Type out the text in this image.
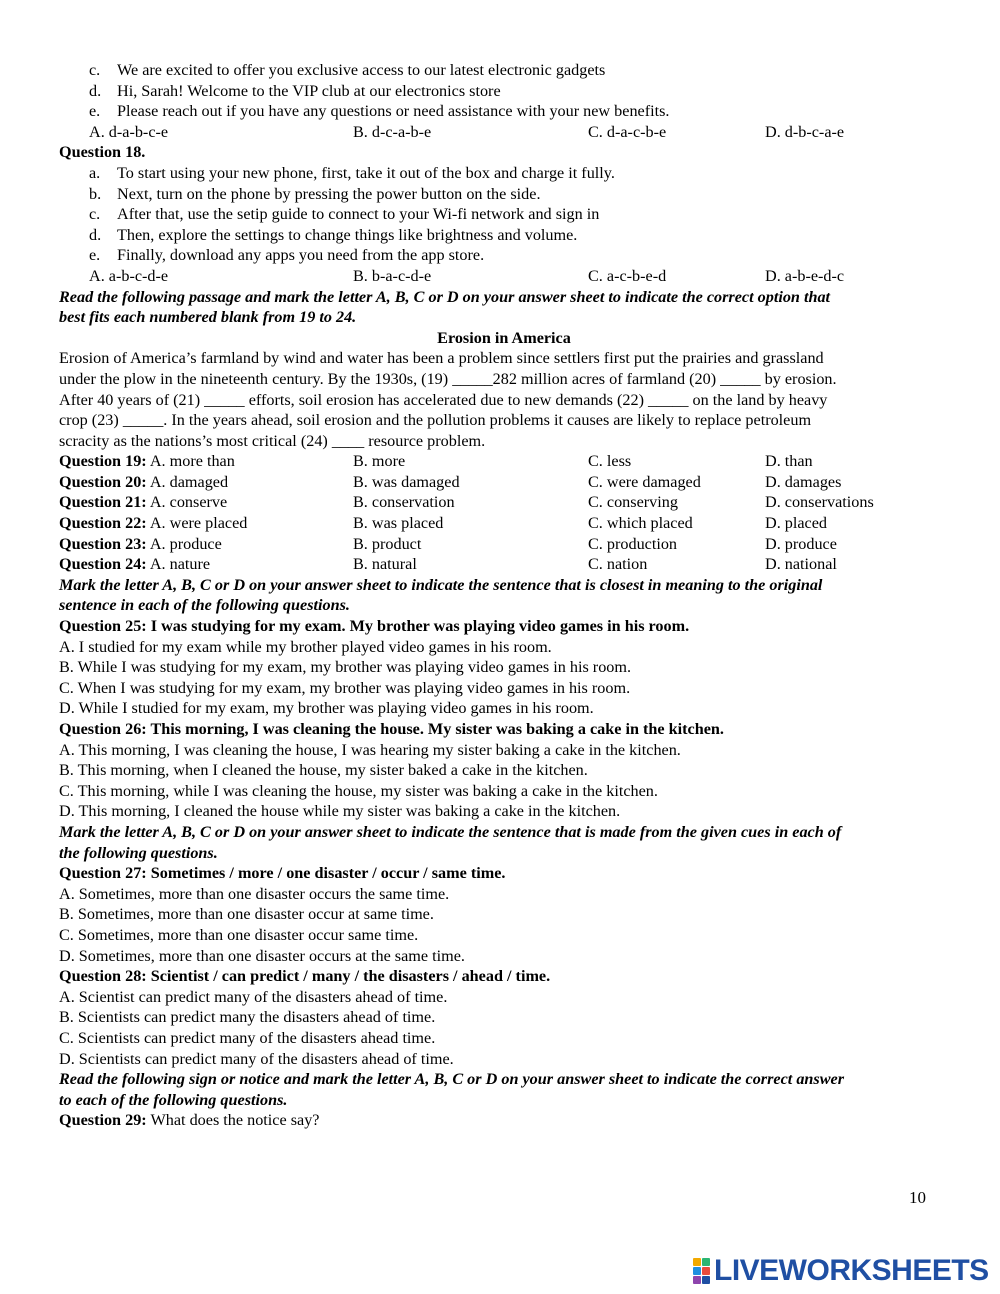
c. We are excited to offer you exclusive access to our latest electronic gadgets
d. Hi, Sarah! Welcome to the VIP club at our electronics store
e. Please reach out if you have any questions or need assistance with your new benefits.
A. d-a-b-c-e	B. d-c-a-b-e	C. d-a-c-b-e	D. d-b-c-a-e
Question 18.
a. To start using your new phone, first, take it out of the box and charge it fully.
b. Next, turn on the phone by pressing the power button on the side.
c. After that, use the setip guide to connect to your Wi-fi network and sign in
d. Then, explore the settings to change things like brightness and volume.
e. Finally, download any apps you need from the app store.
A. a-b-c-d-e	B. b-a-c-d-e	C. a-c-b-e-d	D. a-b-e-d-c
Read the following passage and mark the letter A, B, C or D on your answer sheet to indicate the correct option that
best fits each numbered blank from 19 to 24.
Erosion in America
Erosion of America’s farmland by wind and water has been a problem since settlers first put the prairies and grassland
under the plow in the nineteenth century. By the 1930s, (19) _____282 million acres of farmland (20) _____ by erosion.
After 40 years of (21) _____ efforts, soil erosion has accelerated due to new demands (22) _____ on the land by heavy
crop (23) _____. In the years ahead, soil erosion and the pollution problems it causes are likely to replace petroleum
scracity as the nations’s most critical (24) ____ resource problem.
Question 19: A. more than	B. more	C. less	D. than
Question 20: A. damaged	B. was damaged	C. were damaged	D. damages
Question 21: A. conserve	B. conservation	C. conserving	D. conservations
Question 22: A. were placed	B. was placed	C. which placed	D. placed
Question 23: A. produce	B. product	C. production	D. produce
Question 24: A. nature	B. natural	C. nation	D. national
Mark the letter A, B, C or D on your answer sheet to indicate the sentence that is closest in meaning to the original
sentence in each of the following questions.
Question 25: I was studying for my exam. My brother was playing video games in his room.
A. I studied for my exam while my brother played video games in his room.
B. While I was studying for my exam, my brother was playing video games in his room.
C. When I was studying for my exam, my brother was playing video games in his room.
D. While I studied for my exam, my brother was playing video games in his room.
Question 26: This morning, I was cleaning the house. My sister was baking a cake in the kitchen.
A. This morning, I was cleaning the house, I was hearing my sister baking a cake in the kitchen.
B. This morning, when I cleaned the house, my sister baked a cake in the kitchen.
C. This morning, while I was cleaning the house, my sister was baking a cake in the kitchen.
D. This morning, I cleaned the house while my sister was baking a cake in the kitchen.
Mark the letter A, B, C or D on your answer sheet to indicate the sentence that is made from the given cues in each of
the following questions.
Question 27: Sometimes / more / one disaster / occur / same time.
A. Sometimes, more than one disaster occurs the same time.
B. Sometimes, more than one disaster occur at same time.
C. Sometimes, more than one disaster occur same time.
D. Sometimes, more than one disaster occurs at the same time.
Question 28: Scientist / can predict / many / the disasters / ahead / time.
A. Scientist can predict many of the disasters ahead of time.
B. Scientists can predict many the disasters ahead of time.
C. Scientists can predict many of the disasters ahead time.
D. Scientists can predict many of the disasters ahead of time.
Read the following sign or notice and mark the letter A, B, C or D on your answer sheet to indicate the correct answer
to each of the following questions.
Question 29: What does the notice say?
10
LIVEWORKSHEETS
